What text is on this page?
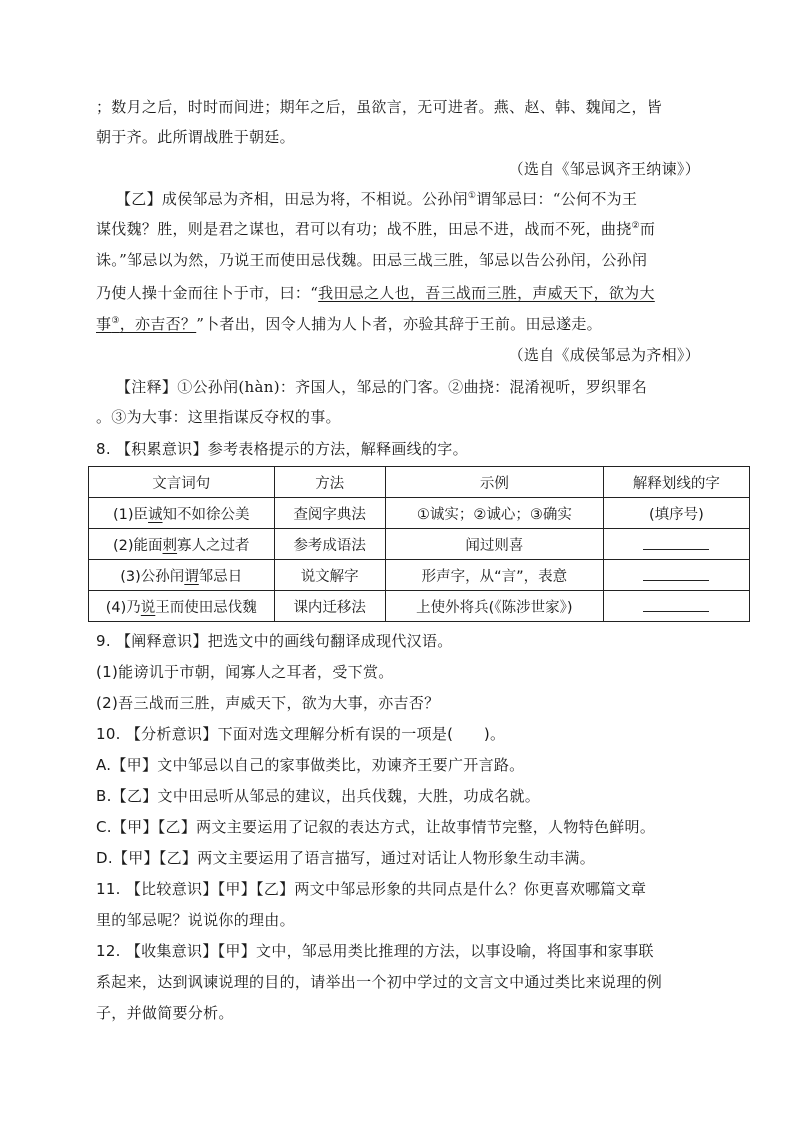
；数月之后，时时而间进；期年之后，虽欲言，无可进者。燕、赵、韩、魏闻之，皆
朝于齐。此所谓战胜于朝廷。
（选自《邹忌讽齐王纳谏》）
【乙】成侯邹忌为齐相，田忌为将，不相说。公孙闬①谓邹忌曰：“公何不为王
谋伐魏？胜，则是君之谋也，君可以有功；战不胜，田忌不进，战而不死，曲挠②而
诛。”邹忌以为然，乃说王而使田忌伐魏。田忌三战三胜，邹忌以告公孙闬，公孙闬
乃使人操十金而往卜于市，曰：“我田忌之人也，吾三战而三胜，声威天下，欲为大
事③，亦吉否？”卜者出，因令人捕为人卜者，亦验其辞于王前。田忌遂走。
（选自《成侯邹忌为齐相》）
【注释】①公孙闬(hàn)：齐国人，邹忌的门客。②曲挠：混淆视听，罗织罪名
。③为大事：这里指谋反夺权的事。
8. 【积累意识】参考表格提示的方法，解释画线的字。
文言词句	方法	示例	解释划线的字
(1)臣诚知不如徐公美	查阅字典法	①诚实；②诚心；③确实	(填序号)
(2)能面刺寡人之过者	参考成语法	闻过则喜	
(3)公孙闬谓邹忌日	说文解字	形声字，从“言”，表意	
(4)乃说王而使田忌伐魏	课内迁移法	上使外将兵(《陈涉世家》)	
9. 【阐释意识】把选文中的画线句翻译成现代汉语。
(1)能谤讥于市朝，闻寡人之耳者，受下赏。
(2)吾三战而三胜，声威天下，欲为大事，亦吉否？
10. 【分析意识】下面对选文理解分析有误的一项是(　　)。
A.【甲】文中邹忌以自己的家事做类比，劝谏齐王要广开言路。
B.【乙】文中田忌听从邹忌的建议，出兵伐魏，大胜，功成名就。
C.【甲】【乙】两文主要运用了记叙的表达方式，让故事情节完整，人物特色鲜明。
D.【甲】【乙】两文主要运用了语言描写，通过对话让人物形象生动丰满。
11. 【比较意识】【甲】【乙】两文中邹忌形象的共同点是什么？你更喜欢哪篇文章
里的邹忌呢？说说你的理由。
12. 【收集意识】【甲】文中，邹忌用类比推理的方法，以事设喻，将国事和家事联
系起来，达到讽谏说理的目的，请举出一个初中学过的文言文中通过类比来说理的例
子，并做简要分析。
